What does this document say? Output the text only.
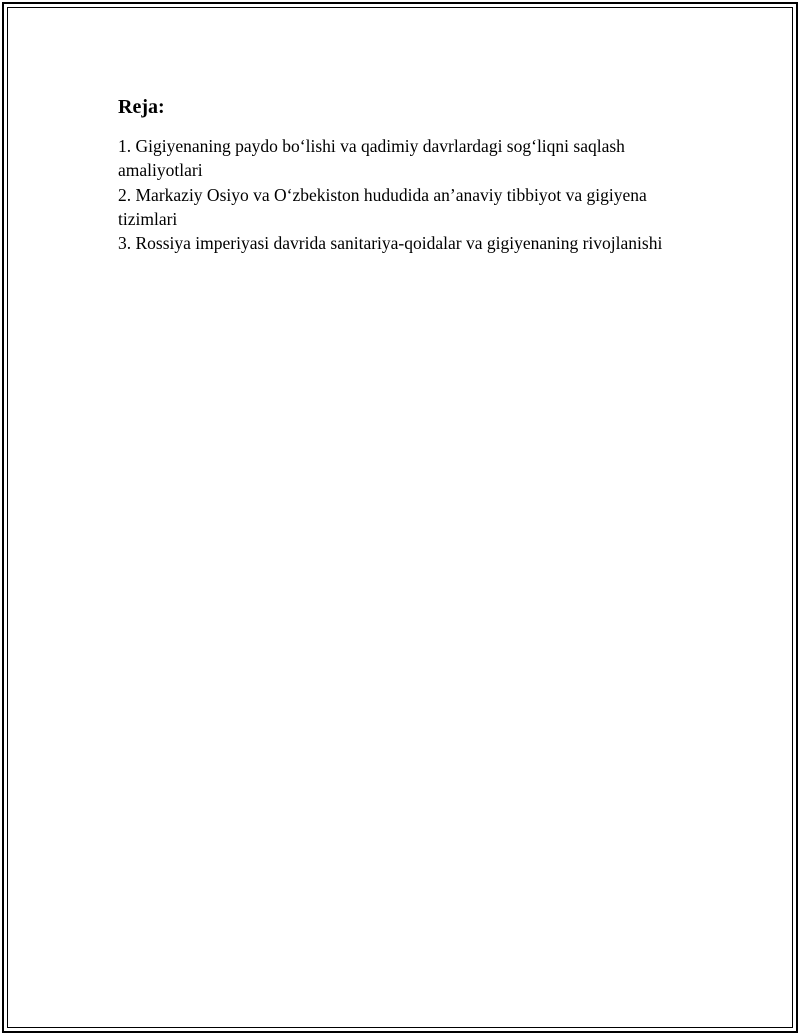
Reja:
1. Gigiyenaning paydo bo‘lishi va qadimiy davrlardagi sog‘liqni saqlash amaliyotlari
2. Markaziy Osiyo va O‘zbekiston hududida an’anaviy tibbiyot va gigiyena tizimlari
3. Rossiya imperiyasi davrida sanitariya-qoidalar va gigiyenaning rivojlanishi
